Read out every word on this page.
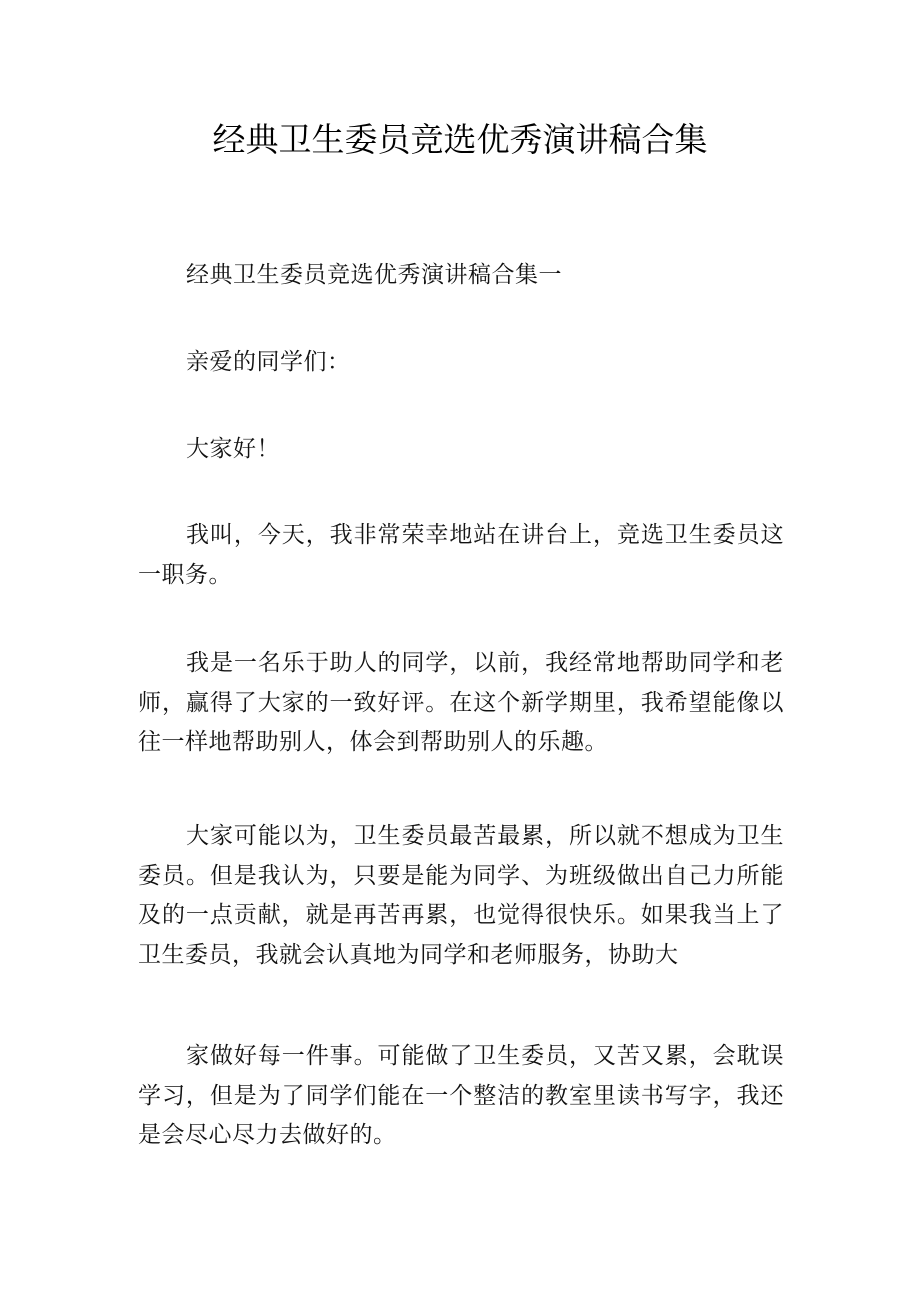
经典卫生委员竞选优秀演讲稿合集

经典卫生委员竞选优秀演讲稿合集一

亲爱的同学们：

大家好！

我叫，今天，我非常荣幸地站在讲台上，竞选卫生委员这一职务。

我是一名乐于助人的同学，以前，我经常地帮助同学和老师，赢得了大家的一致好评。在这个新学期里，我希望能像以往一样地帮助别人，体会到帮助别人的乐趣。

大家可能以为，卫生委员最苦最累，所以就不想成为卫生委员。但是我认为，只要是能为同学、为班级做出自己力所能及的一点贡献，就是再苦再累，也觉得很快乐。如果我当上了卫生委员，我就会认真地为同学和老师服务，协助大

家做好每一件事。可能做了卫生委员，又苦又累，会耽误学习，但是为了同学们能在一个整洁的教室里读书写字，我还是会尽心尽力去做好的。
